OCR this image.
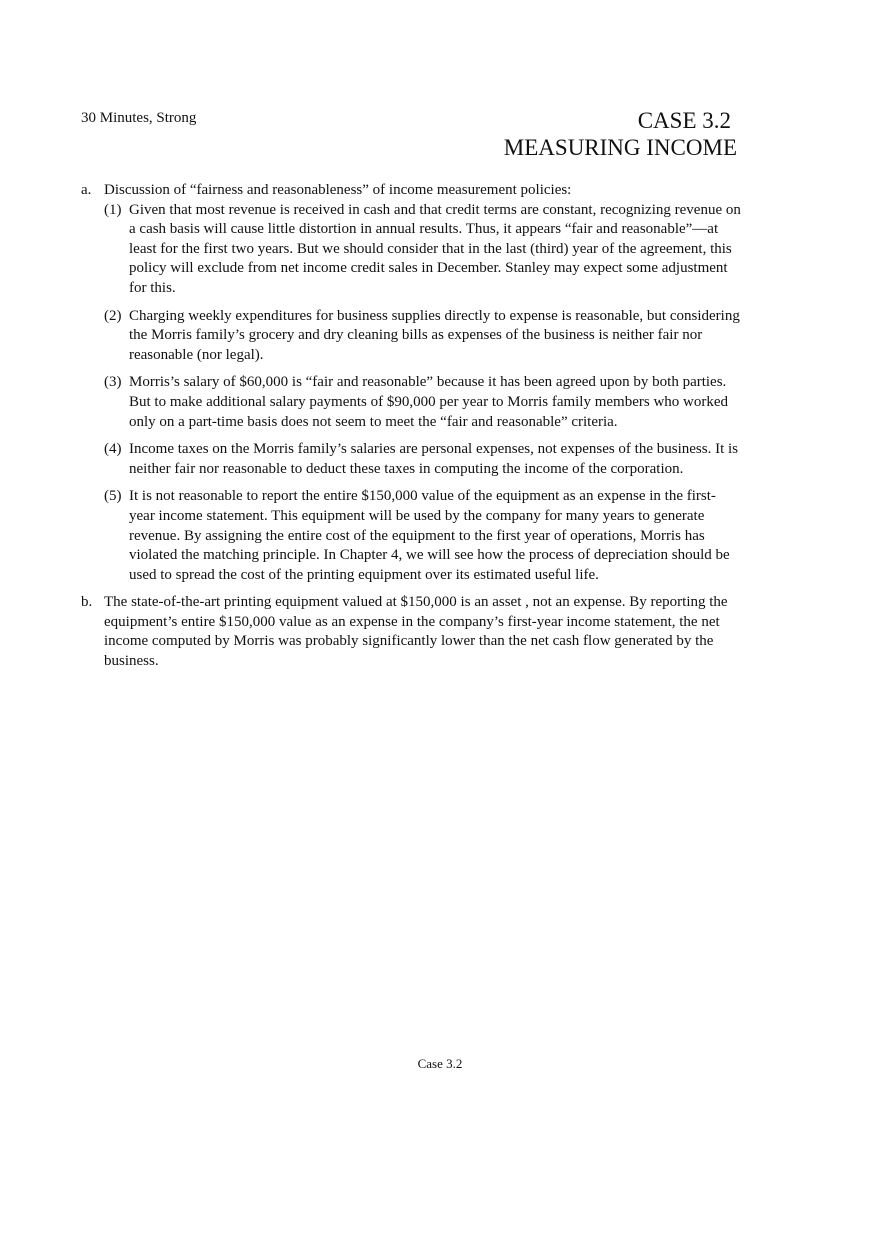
30 Minutes, Strong	CASE 3.2
MEASURING INCOME
a. Discussion of “fairness and reasonableness” of income measurement policies:
(1) Given that most revenue is received in cash and that credit terms are constant, recognizing revenue on a cash basis will cause little distortion in annual results. Thus, it appears “fair and reasonable”—at least for the first two years. But we should consider that in the last (third) year of the agreement, this policy will exclude from net income credit sales in December. Stanley may expect some adjustment for this.
(2) Charging weekly expenditures for business supplies directly to expense is reasonable, but considering the Morris family’s grocery and dry cleaning bills as expenses of the business is neither fair nor reasonable (nor legal).
(3) Morris’s salary of $60,000 is “fair and reasonable” because it has been agreed upon by both parties. But to make additional salary payments of $90,000 per year to Morris family members who worked only on a part-time basis does not seem to meet the “fair and reasonable” criteria.
(4) Income taxes on the Morris family’s salaries are personal expenses, not expenses of the business. It is neither fair nor reasonable to deduct these taxes in computing the income of the corporation.
(5) It is not reasonable to report the entire $150,000 value of the equipment as an expense in the first-year income statement. This equipment will be used by the company for many years to generate revenue. By assigning the entire cost of the equipment to the first year of operations, Morris has violated the matching principle. In Chapter 4, we will see how the process of depreciation should be used to spread the cost of the printing equipment over its estimated useful life.
b. The state-of-the-art printing equipment valued at $150,000 is an asset , not an expense. By reporting the equipment’s entire $150,000 value as an expense in the company’s first-year income statement, the net income computed by Morris was probably significantly lower than the net cash flow generated by the business.
Case 3.2
